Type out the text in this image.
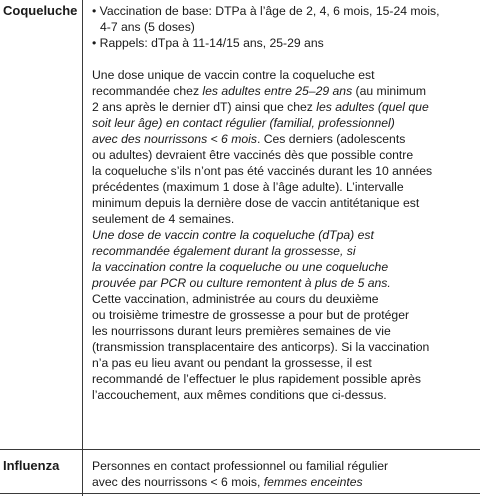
Coqueluche • Vaccination de base: DTPa à l’âge de 2, 4, 6 mois, 15-24 mois,
4-7 ans (5 doses)
• Rappels: dTpa à 11-14/15 ans, 25-29 ans
Une dose unique de vaccin contre la coqueluche est
recommandée chez les adultes entre 25–29 ans (au minimum
2 ans après le dernier dT) ainsi que chez les adultes (quel que
soit leur âge) en contact régulier (familial, professionnel)
avec des nourrissons < 6 mois. Ces derniers (adolescents
ou adultes) devraient être vaccinés dès que possible contre
la coqueluche s’ils n’ont pas été vaccinés durant les 10 années
précédentes (maximum 1 dose à l’âge adulte). L’intervalle
minimum depuis la dernière dose de vaccin antitétanique est
seulement de 4 semaines.
Une dose de vaccin contre la coqueluche (dTpa) est
recommandée également durant la grossesse, si
la vaccination contre la coqueluche ou une coqueluche
prouvée par PCR ou culture remontent à plus de 5 ans.
Cette vaccination, administrée au cours du deuxième
ou troisième trimestre de grossesse a pour but de protéger
les nourrissons durant leurs premières semaines de vie
(transmission transplacentaire des anticorps). Si la vaccination
n’a pas eu lieu avant ou pendant la grossesse, il est
recommandé de l’effectuer le plus rapidement possible après
l’accouchement, aux mêmes conditions que ci-dessus.
Influenza	Personnes en contact professionnel ou familial régulier
avec des nourrissons < 6 mois, femmes enceintes
